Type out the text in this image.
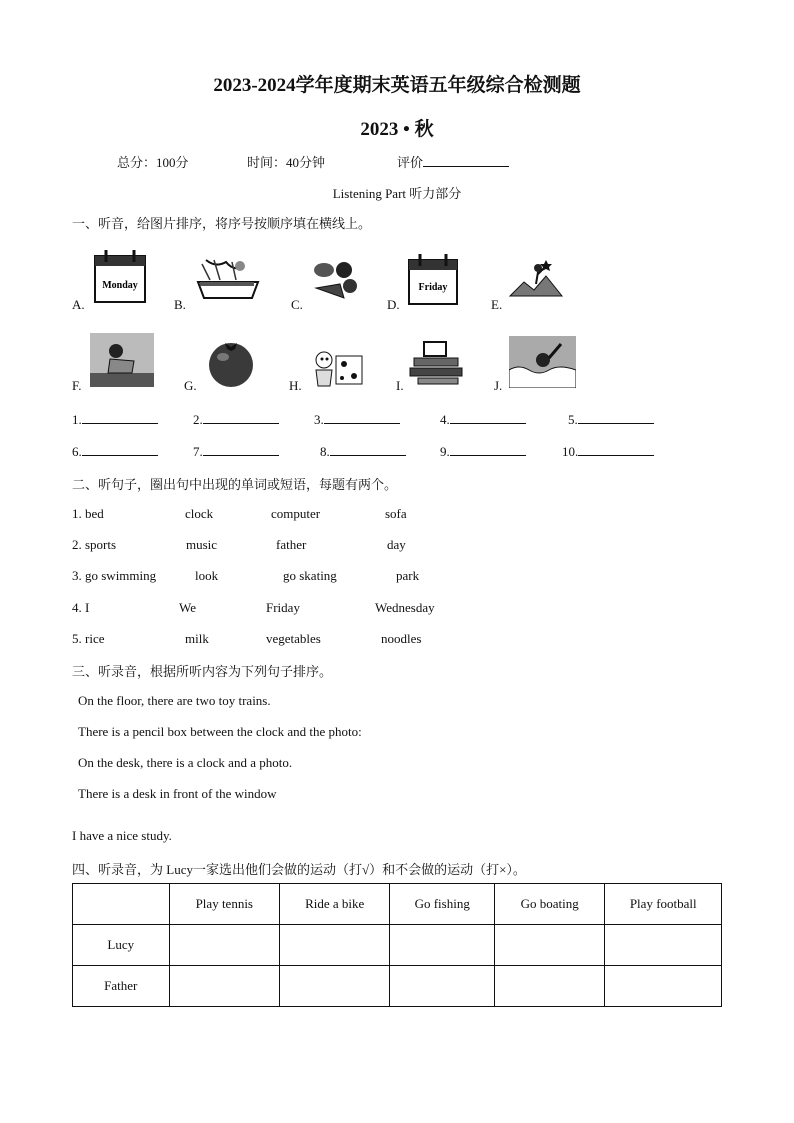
2023-2024学年度期末英语五年级综合检测题
2023 • 秋
总分：100分	时间：40分钟	评价
Listening Part 听力部分
一、听音，给图片排序，将序号按顺序填在横线上。
A.
Monday
B.	C.	D.
Friday
E.
F.	G.	H.	I.	J.
1.	2.	3.	4.	5.
6.	7.	8.	9.	10.
二、听句子，圈出句中出现的单词或短语，每题有两个。
1. bed	clock	computer	sofa
2. sports	music	father	day
3. go swimming	look	go skating	park
4. I	We	Friday	Wednesday
5. rice	milk	vegetables	noodles
三、听录音，根据所听内容为下列句子排序。
On the floor, there are two toy trains.
There is a pencil box between the clock and the photo:
On the desk, there is a clock and a photo.
There is a desk in front of the window
I have a nice study.
四、听录音，为 Lucy一家选出他们会做的运动（打√）和不会做的运动（打×）。
	Play tennis	Ride a bike	Go fishing	Go boating	Play football
Lucy					
Father					
